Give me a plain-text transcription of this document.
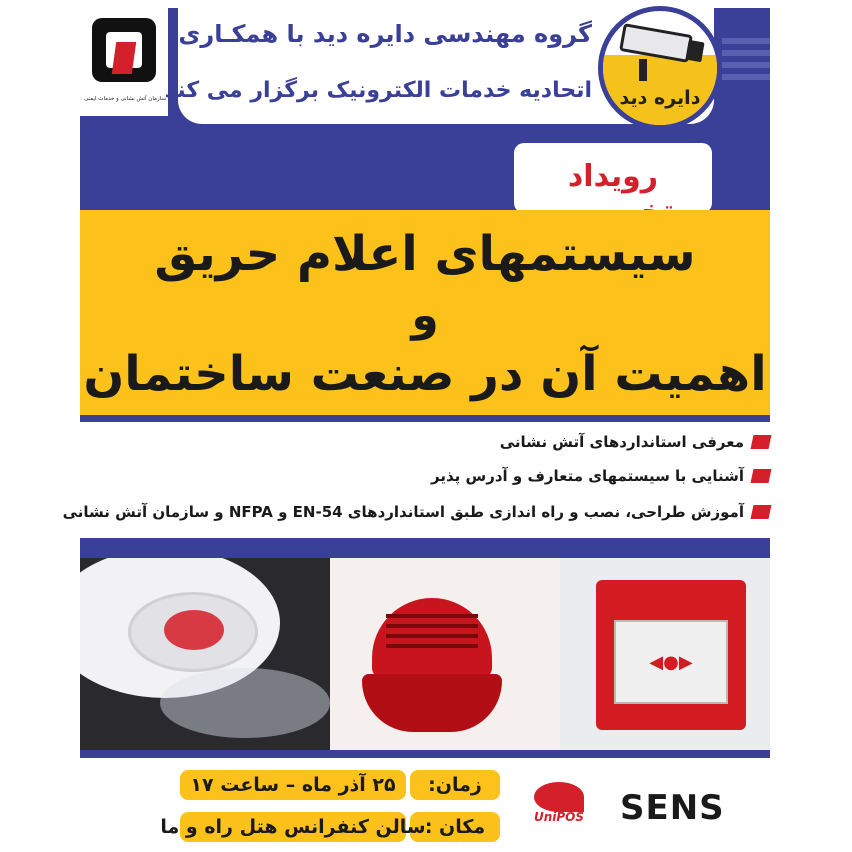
سازمان آتش نشانی و خدمات ایمنی
گروه مهندسی دایره دید با همکـاری
اتحادیه خدمات الکترونیک برگزار می کند	دایره دید
رویداد
سیستمهای اعلام حریق
و
اهمیت آن در صنعت ساختمان
معرفی استانداردهای آتش نشانی
آشنایی با سیستمهای متعارف و آدرس پذیر
آموزش طراحی، نصب و راه اندازی طبق استانداردهای EN-54 و NFPA و سازمان آتش نشانی
◀●▶
زمان:
۲۵ آذر ماه – ساعت ۱۷
مکان :
سالن کنفرانس هتل راه و ما	UniPOS SENS
